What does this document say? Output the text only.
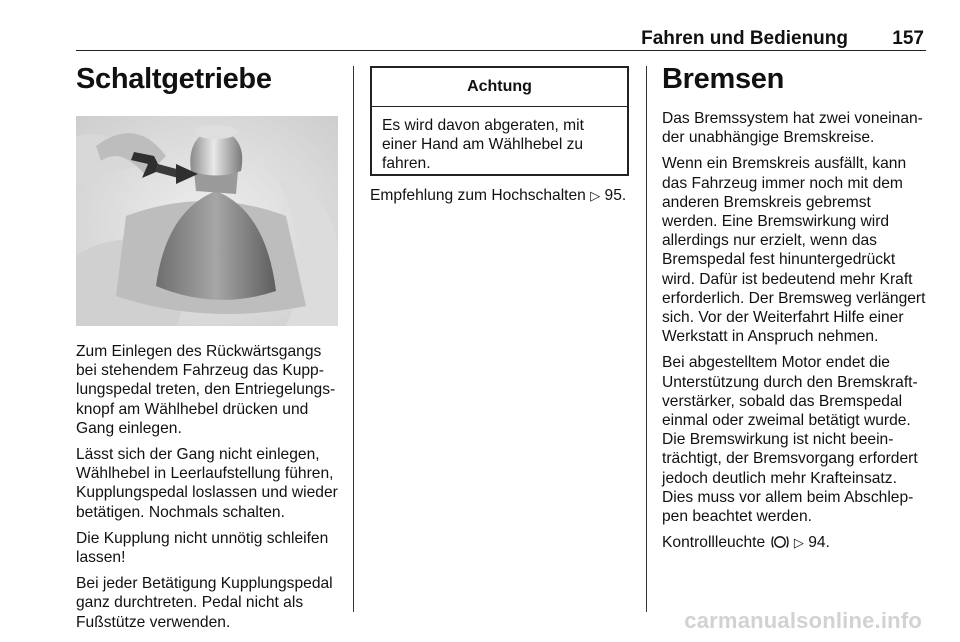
Fahren und Bedienung 157
Schaltgetriebe

Zum Einlegen des Rückwärtsgangs bei stehendem Fahrzeug das Kupplungspedal treten, den Entriegelungsknopf am Wählhebel drücken und Gang einlegen.

Lässt sich der Gang nicht einlegen, Wählhebel in Leerlaufstellung führen, Kupplungspedal loslassen und wieder betätigen. Nochmals schalten.

Die Kupplung nicht unnötig schleifen lassen!

Bei jeder Betätigung Kupplungspedal ganz durchtreten. Pedal nicht als Fußstütze verwenden.

Achtung
Es wird davon abgeraten, mit einer Hand am Wählhebel zu fahren.

Empfehlung zum Hochschalten ▷ 95.

Bremsen

Das Bremssystem hat zwei voneinander unabhängige Bremskreise.

Wenn ein Bremskreis ausfällt, kann das Fahrzeug immer noch mit dem anderen Bremskreis gebremst werden. Eine Bremswirkung wird allerdings nur erzielt, wenn das Bremspedal fest hinuntergedrückt wird. Dafür ist bedeutend mehr Kraft erforderlich. Der Bremsweg verlängert sich. Vor der Weiterfahrt Hilfe einer Werkstatt in Anspruch nehmen.

Bei abgestelltem Motor endet die Unterstützung durch den Bremskraftverstärker, sobald das Bremspedal einmal oder zweimal betätigt wurde. Die Bremswirkung ist nicht beeinträchtigt, der Bremsvorgang erfordert jedoch deutlich mehr Krafteinsatz. Dies muss vor allem beim Abschleppen beachtet werden.

Kontrollleuchte ▷ 94.

carmanualsonline.info
